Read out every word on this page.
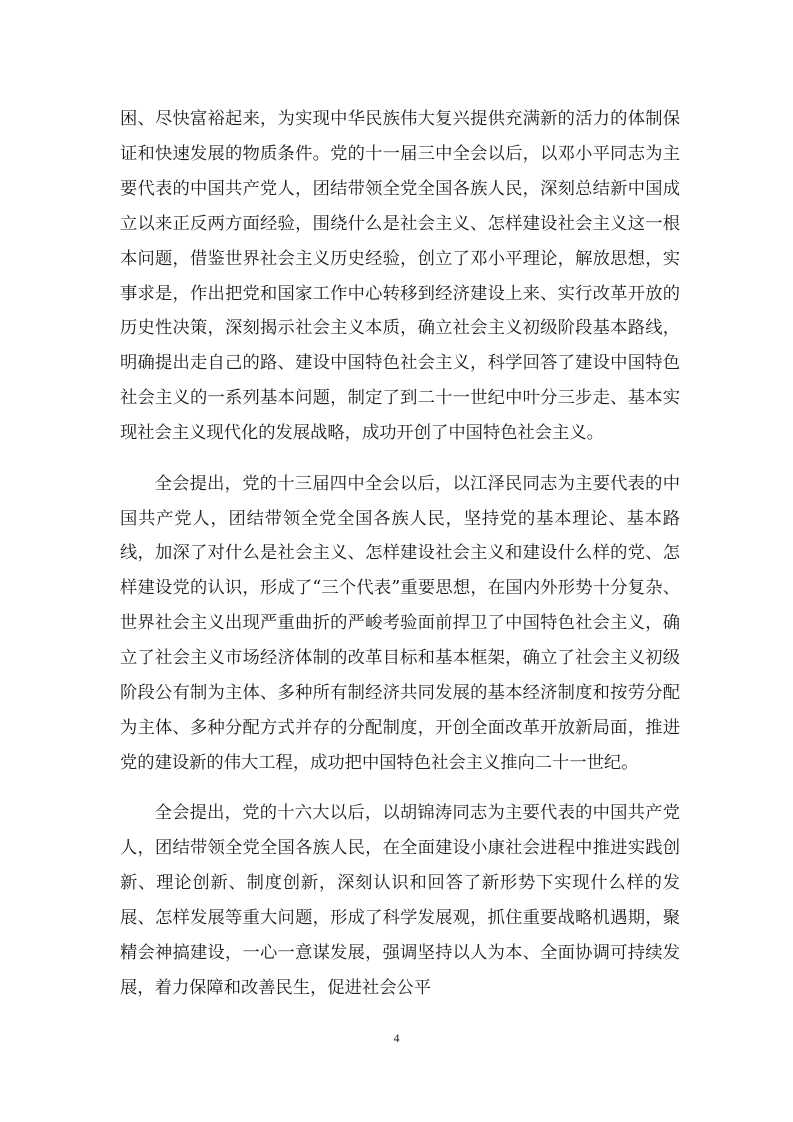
困、尽快富裕起来，为实现中华民族伟大复兴提供充满新的活力的体制保证和快速发展的物质条件。党的十一届三中全会以后，以邓小平同志为主要代表的中国共产党人，团结带领全党全国各族人民，深刻总结新中国成立以来正反两方面经验，围绕什么是社会主义、怎样建设社会主义这一根本问题，借鉴世界社会主义历史经验，创立了邓小平理论，解放思想，实事求是，作出把党和国家工作中心转移到经济建设上来、实行改革开放的历史性决策，深刻揭示社会主义本质，确立社会主义初级阶段基本路线，明确提出走自己的路、建设中国特色社会主义，科学回答了建设中国特色社会主义的一系列基本问题，制定了到二十一世纪中叶分三步走、基本实现社会主义现代化的发展战略，成功开创了中国特色社会主义。

全会提出，党的十三届四中全会以后，以江泽民同志为主要代表的中国共产党人，团结带领全党全国各族人民，坚持党的基本理论、基本路线，加深了对什么是社会主义、怎样建设社会主义和建设什么样的党、怎样建设党的认识，形成了“三个代表”重要思想，在国内外形势十分复杂、世界社会主义出现严重曲折的严峻考验面前捍卫了中国特色社会主义，确立了社会主义市场经济体制的改革目标和基本框架，确立了社会主义初级阶段公有制为主体、多种所有制经济共同发展的基本经济制度和按劳分配为主体、多种分配方式并存的分配制度，开创全面改革开放新局面，推进党的建设新的伟大工程，成功把中国特色社会主义推向二十一世纪。

全会提出，党的十六大以后，以胡锦涛同志为主要代表的中国共产党人，团结带领全党全国各族人民，在全面建设小康社会进程中推进实践创新、理论创新、制度创新，深刻认识和回答了新形势下实现什么样的发展、怎样发展等重大问题，形成了科学发展观，抓住重要战略机遇期，聚精会神搞建设，一心一意谋发展，强调坚持以人为本、全面协调可持续发展，着力保障和改善民生，促进社会公平

4
